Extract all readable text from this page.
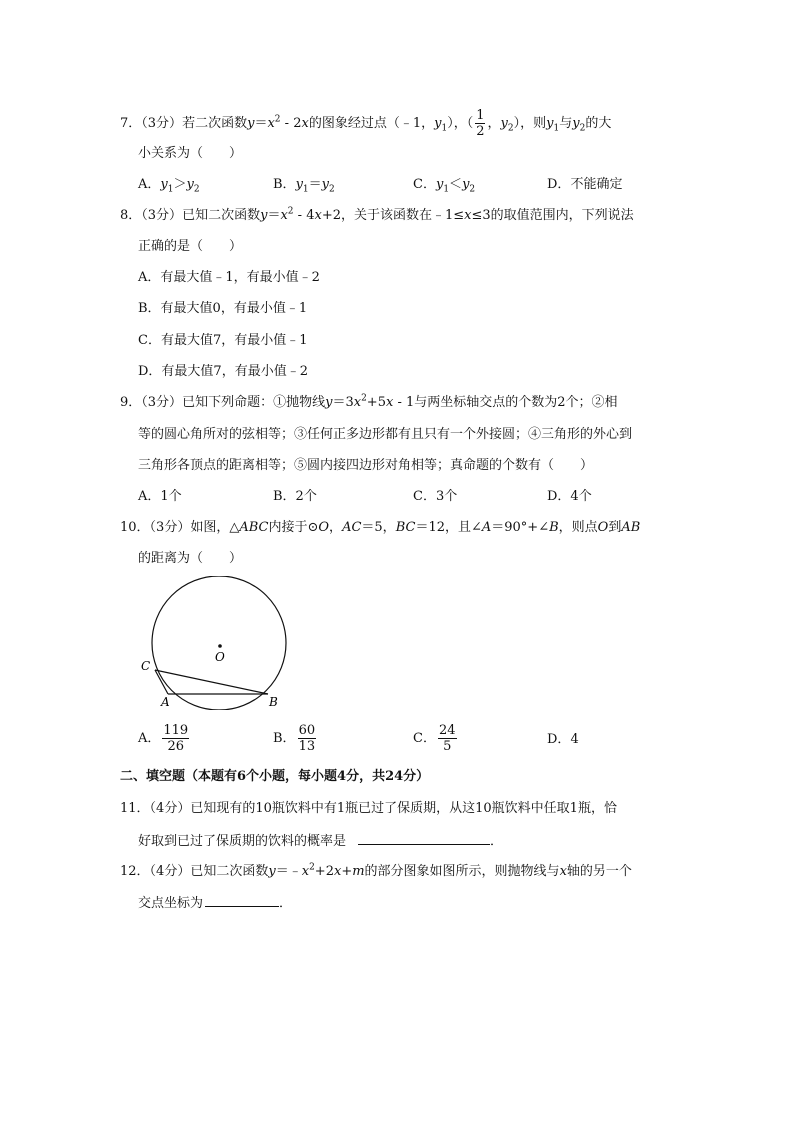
7．（3分）若二次函数$y=x^2 - 2x$的图象经过点（﹣1，$y_1$），（ $\frac{1}{2}$ ，$y_2$），则$y_1$与$y_2$的大
小关系为（　　）
A．$y_1>y_2$	B．$y_1=y_2$	C．$y_1<y_2$	D．不能确定
8．（3分）已知二次函数$y=x^2 - 4x+2$，关于该函数在﹣1≤x≤3的取值范围内，下列说法
正确的是（　　）
A．有最大值﹣1，有最小值﹣2
B．有最大值0，有最小值﹣1
C．有最大值7，有最小值﹣1
D．有最大值7，有最小值﹣2
9．（3分）已知下列命题：①抛物线$y=3x^2+5x - 1$与两坐标轴交点的个数为2个；②相
等的圆心角所对的弦相等；③任何正多边形都有且只有一个外接圆；④三角形的外心到
三角形各顶点的距离相等；⑤圆内接四边形对角相等；真命题的个数有（　　）
A．1个	B．2个	C．3个	D．4个
10．（3分）如图，△ABC内接于⊙O，AC＝5，BC＝12，且∠A＝90°+∠B，则点O到AB
的距离为（　　）
O
C
A	B
A． $\frac{119}{26}$	B． $\frac{60}{13}$	C． $\frac{24}{5}$	D．4
二、填空题（本题有6个小题，每小题4分，共24分）
11．（4分）已知现有的10瓶饮料中有1瓶已过了保质期，从这10瓶饮料中任取1瓶，恰
好取到已过了保质期的饮料的概率是	．
12．（4分）已知二次函数$y=﹣x^2+2x+m$的部分图象如图所示，则抛物线与x轴的另一个
交点坐标为	．
